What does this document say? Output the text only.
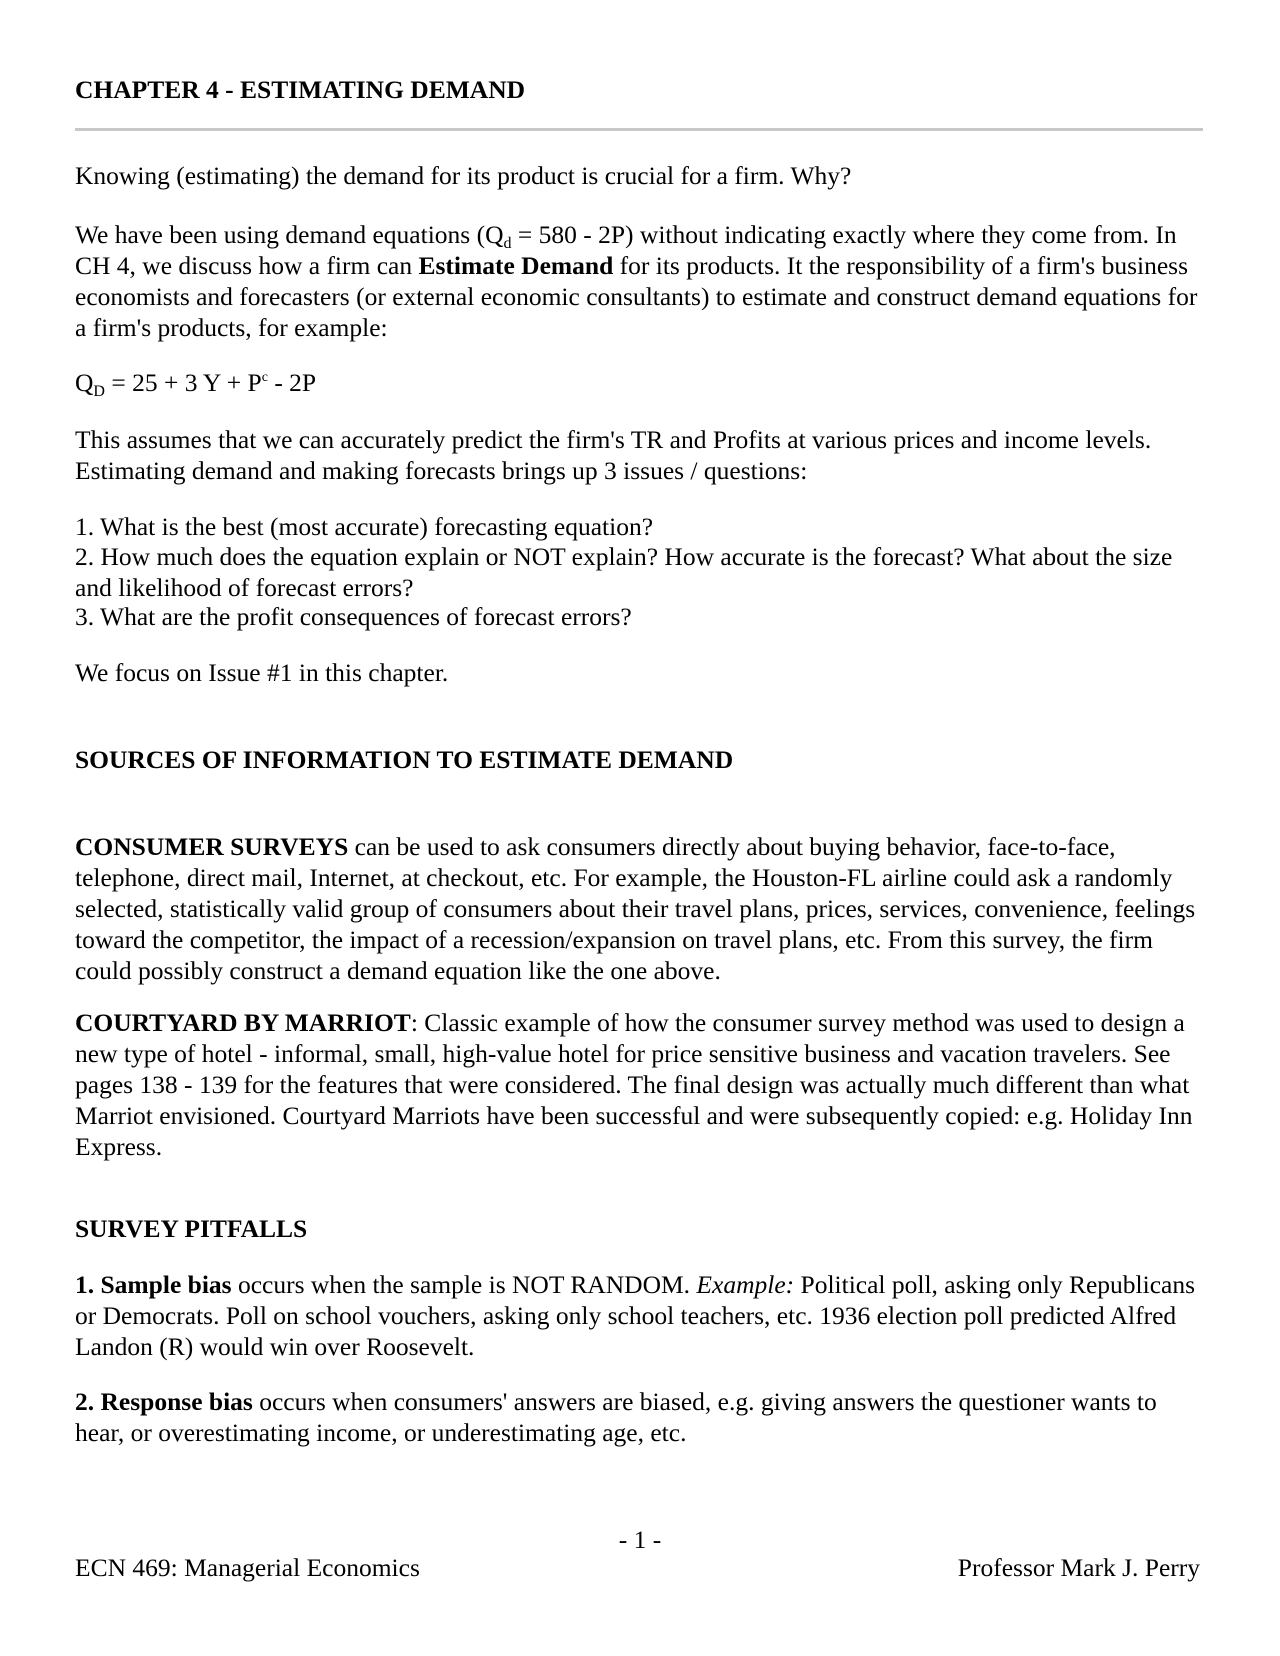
CHAPTER 4 - ESTIMATING DEMAND

Knowing (estimating) the demand for its product is crucial for a firm. Why?

We have been using demand equations $(Q_d = 580 - 2P)$ without indicating exactly where they come from. In CH 4, we discuss how a firm can Estimate Demand for its products. It the responsibility of a firm's business economists and forecasters (or external economic consultants) to estimate and construct demand equations for a firm's products, for example:

$Q_D = 25 + 3$ $Y + P^c - 2P$

This assumes that we can accurately predict the firm's TR and Profits at various prices and income levels. Estimating demand and making forecasts brings up 3 issues / questions:

1. What is the best (most accurate) forecasting equation?

2. How much does the equation explain or NOT explain? How accurate is the forecast? What about the size and likelihood of forecast errors?

3. What are the profit consequences of forecast errors?

We focus on Issue #1 in this chapter.

SOURCES OF INFORMATION TO ESTIMATE DEMAND

CONSUMER SURVEYS can be used to ask consumers directly about buying behavior, face-to-face, telephone, direct mail, Internet, at checkout, etc. For example, the Houston-FL airline could ask a randomly selected, statistically valid group of consumers about their travel plans, prices, services, convenience, feelings toward the competitor, the impact of a recession/expansion on travel plans, etc. From this survey, the firm could possibly construct a demand equation like the one above.

COURTYARD BY MARRIOT: Classic example of how the consumer survey method was used to design a new type of hotel - informal, small, high-value hotel for price sensitive business and vacation travelers. See pages 138 - 139 for the features that were considered. The final design was actually much different than what Marriot envisioned. Courtyard Marriots have been successful and were subsequently copied: e.g. Holiday Inn Express.

SURVEY PITFALLS

1. Sample bias occurs when the sample is NOT RANDOM. Example: Political poll, asking only Republicans or Democrats. Poll on school vouchers, asking only school teachers, etc. 1936 election poll predicted Alfred Landon (R) would win over Roosevelt.

2. Response bias occurs when consumers' answers are biased, e.g. giving answers the questioner wants to hear, or overestimating income, or underestimating age, etc.

- 1 -
ECN 469: Managerial Economics	Professor Mark J. Perry
